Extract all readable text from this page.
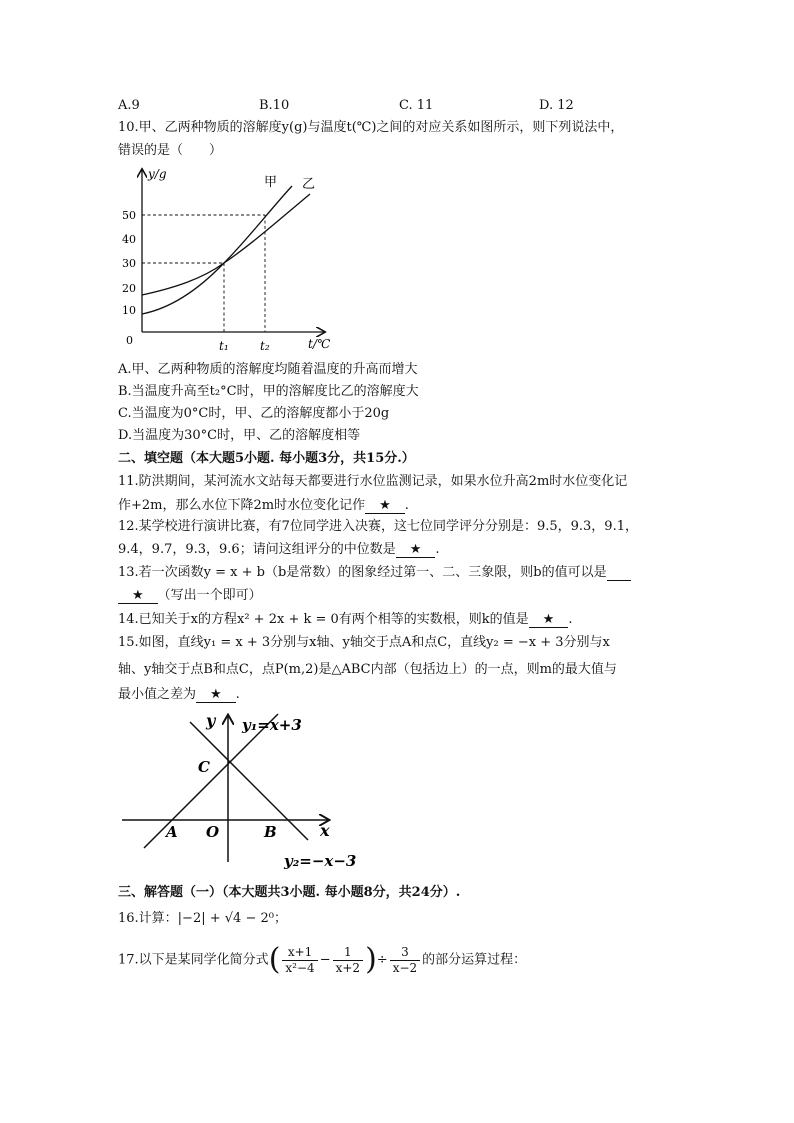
A.9	B.10	C. 11	D. 12
10.甲、乙两种物质的溶解度y(g)与温度t(℃)之间的对应关系如图所示，则下列说法中，
错误的是（　　）
y/g
t/℃
0
10
20
30
40
50
甲 乙
t₁	t₂
A.甲、乙两种物质的溶解度均随着温度的升高而增大
B.当温度升高至t₂°C时，甲的溶解度比乙的溶解度大
C.当温度为0°C时，甲、乙的溶解度都小于20g
D.当温度为30°C时，甲、乙的溶解度相等
二、填空题（本大题5小题. 每小题3分，共15分.）
11.防洪期间，某河流水文站每天都要进行水位监测记录，如果水位升高2m时水位变化记
作+2m，那么水位下降2m时水位变化记作 ★ .
12.某学校进行演讲比赛，有7位同学进入决赛，这七位同学评分分别是：9.5，9.3，9.1，
9.4，9.7，9.3，9.6；请问这组评分的中位数是 ★ .
13.若一次函数y = x + b（b是常数）的图象经过第一、二、三象限，则b的值可以是
★ （写出一个即可）
14.已知关于x的方程x² + 2x + k = 0有两个相等的实数根，则k的值是 ★ .
15.如图，直线y₁ = x + 3分别与x轴、y轴交于点A和点C，直线y₂ = −x + 3分别与x
轴、y轴交于点B和点C，点P(m,2)是△ABC内部（包括边上）的一点，则m的最大值与
最小值之差为 ★ .
y
x
y₁=x+3
y₂=−x−3
A O	B
C
三、解答题（一）（本大题共3小题. 每小题8分，共24分）.
16.计算：|−2| + √4 − 2⁰；
17.以下是某同学化简分式( $\frac{x+1}{\text{x²−4}} - \frac{1}{x+2}$ )÷ $\frac{3}{x-2}$ 的部分运算过程：
